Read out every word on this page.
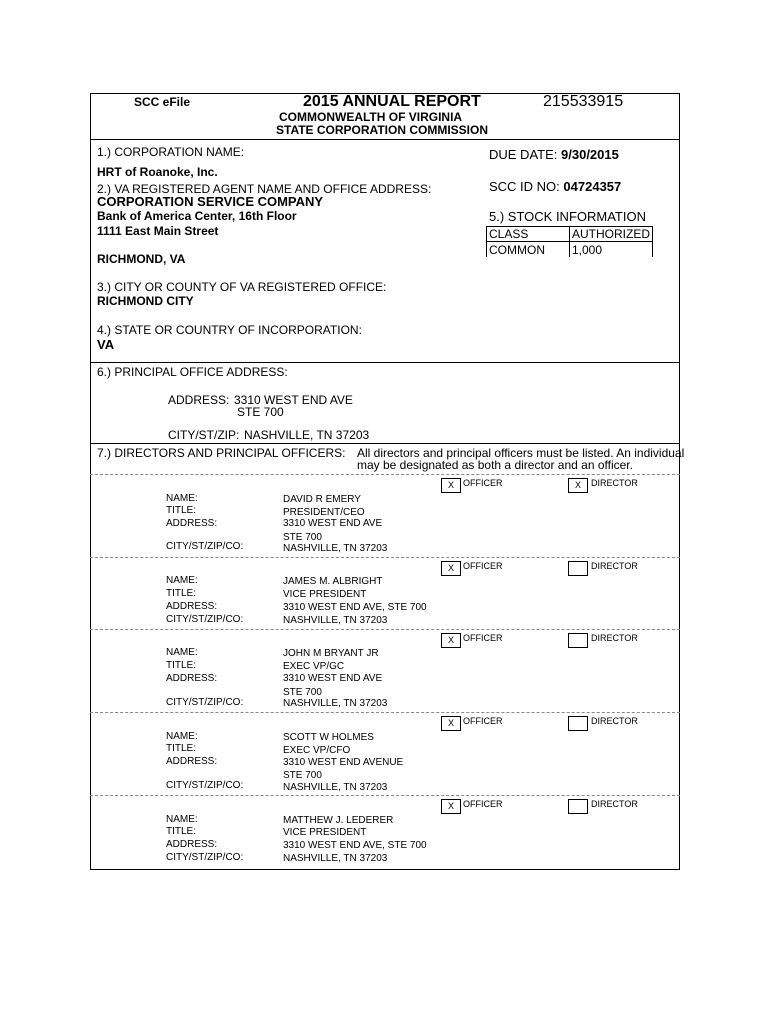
SCC eFile	2015 ANNUAL REPORT	215533915
COMMONWEALTH OF VIRGINIA
STATE CORPORATION COMMISSION
1.) CORPORATION NAME:
HRT of Roanoke, Inc.
DUE DATE: 9/30/2015
2.) VA REGISTERED AGENT NAME AND OFFICE ADDRESS:	SCC ID NO: 04724357
CORPORATION SERVICE COMPANY
Bank of America Center, 16th Floor
1111 East Main Street
RICHMOND, VA
5.) STOCK INFORMATION
CLASS	AUTHORIZED
COMMON	1,000
3.) CITY OR COUNTY OF VA REGISTERED OFFICE:
RICHMOND CITY
4.) STATE OR COUNTRY OF INCORPORATION:
VA
6.) PRINCIPAL OFFICE ADDRESS:
ADDRESS: 3310 WEST END AVE
STE 700
CITY/ST/ZIP: NASHVILLE, TN 37203
7.) DIRECTORS AND PRINCIPAL OFFICERS: All directors and principal officers must be listed. An individual
may be designated as both a director and an officer.
X	OFFICER	X	DIRECTOR
NAME:	DAVID R EMERY
TITLE:	PRESIDENT/CEO
ADDRESS:	3310 WEST END AVE
STE 700
CITY/ST/ZIP/CO:	NASHVILLE, TN 37203
X	OFFICER	DIRECTOR
NAME:	JAMES M. ALBRIGHT
TITLE:	VICE PRESIDENT
ADDRESS:	3310 WEST END AVE, STE 700
CITY/ST/ZIP/CO:	NASHVILLE, TN 37203
X	OFFICER	DIRECTOR
NAME:	JOHN M BRYANT JR
TITLE:	EXEC VP/GC
ADDRESS:	3310 WEST END AVE
STE 700
CITY/ST/ZIP/CO:	NASHVILLE, TN 37203
X	OFFICER	DIRECTOR
NAME:	SCOTT W HOLMES
TITLE:	EXEC VP/CFO
ADDRESS:	3310 WEST END AVENUE
STE 700
CITY/ST/ZIP/CO:	NASHVILLE, TN 37203
X	OFFICER	DIRECTOR
NAME:	MATTHEW J. LEDERER
TITLE:	VICE PRESIDENT
ADDRESS:	3310 WEST END AVE, STE 700
CITY/ST/ZIP/CO:	NASHVILLE, TN 37203
